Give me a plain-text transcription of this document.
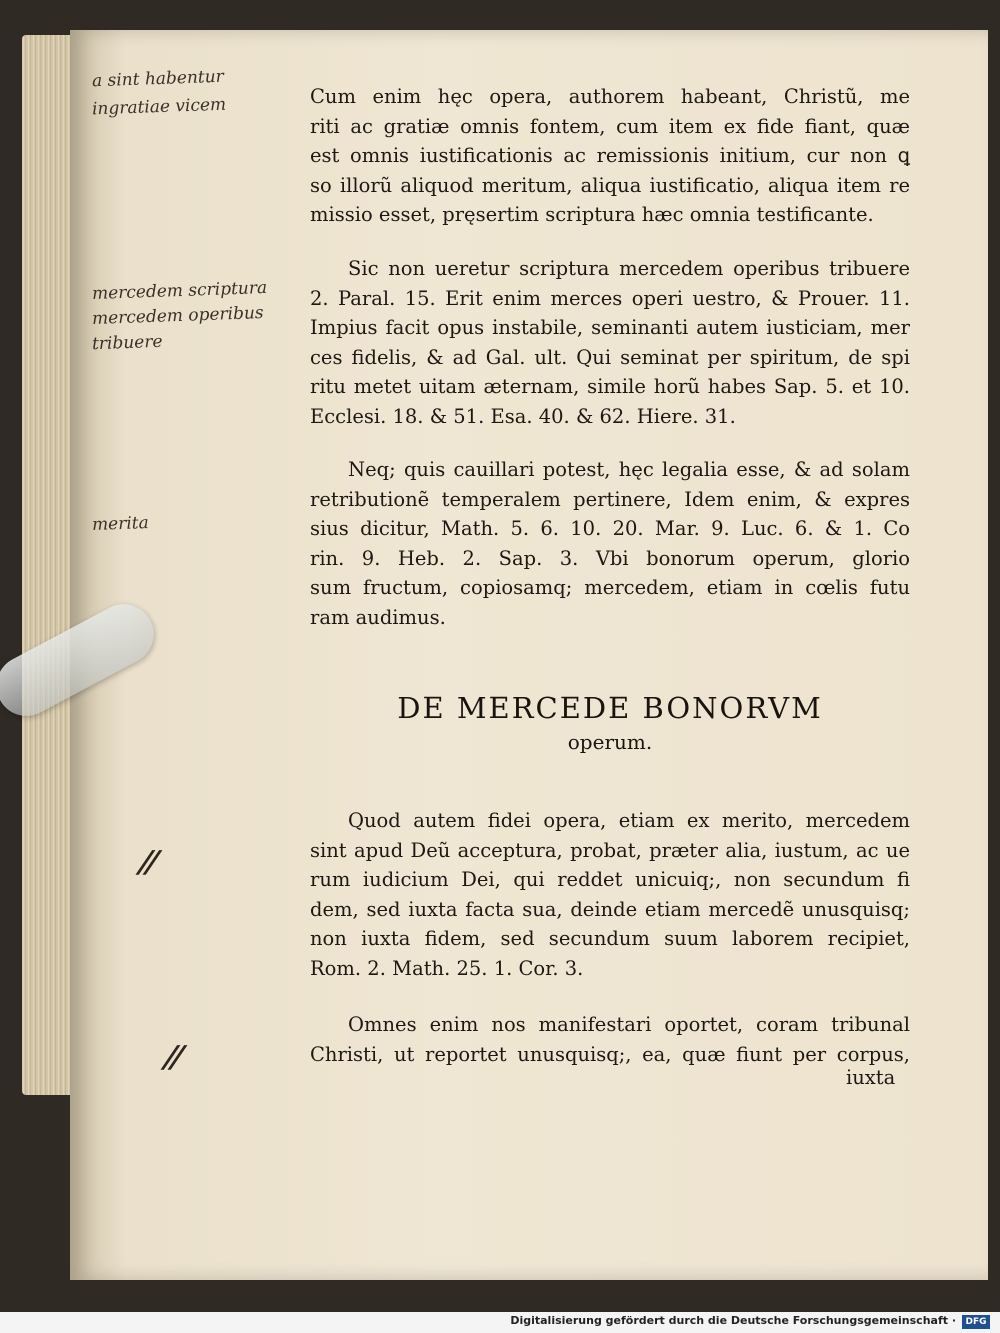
a sint habentur
ingratiae vicem
mercedem scriptura
mercedem operibus
tribuere
merita
//
//
Cum enim hęc opera, authorem habeant, Christũ, me
riti ac gratiæ omnis fontem, cum item ex fide fiant, quæ
est omnis iustificationis ac remissionis initium, cur non ꝗ
so illorũ aliquod meritum, aliqua iustificatio, aliqua item re
missio esset, pręsertim scriptura hæc omnia testificante.
Sic non ueretur scriptura mercedem operibus tribuere
2. Paral. 15. Erit enim merces operi uestro, & Prouer. 11.
Impius facit opus instabile, seminanti autem iusticiam, mer
ces fidelis, & ad Gal. ult. Qui seminat per spiritum, de spi
ritu metet uitam æternam, simile horũ habes Sap. 5. et 10.
Ecclesi. 18. & 51. Esa. 40. & 62. Hiere. 31.
Neq; quis cauillari potest, hęc legalia esse, & ad solam
retributionẽ temperalem pertinere, Idem enim, & expres
sius dicitur, Math. 5. 6. 10. 20. Mar. 9. Luc. 6. & 1. Co
rin. 9. Heb. 2. Sap. 3. Vbi bonorum operum, glorio
sum fructum, copiosamq; mercedem, etiam in cœlis futu
ram audimus.
DE MERCEDE BONORVM
operum.
Quod autem fidei opera, etiam ex merito, mercedem
sint apud Deũ acceptura, probat, præter alia, iustum, ac ue
rum iudicium Dei, qui reddet unicuiq;, non secundum fi
dem, sed iuxta facta sua, deinde etiam mercedẽ unusquisq;
non iuxta fidem, sed secundum suum laborem recipiet,
Rom. 2. Math. 25. 1. Cor. 3.
Omnes enim nos manifestari oportet, coram tribunal
Christi, ut reportet unusquisq;, ea, quæ fiunt per corpus,
iuxta
Digitalisierung gefördert durch die Deutsche Forschungsgemeinschaft ·	DFG
